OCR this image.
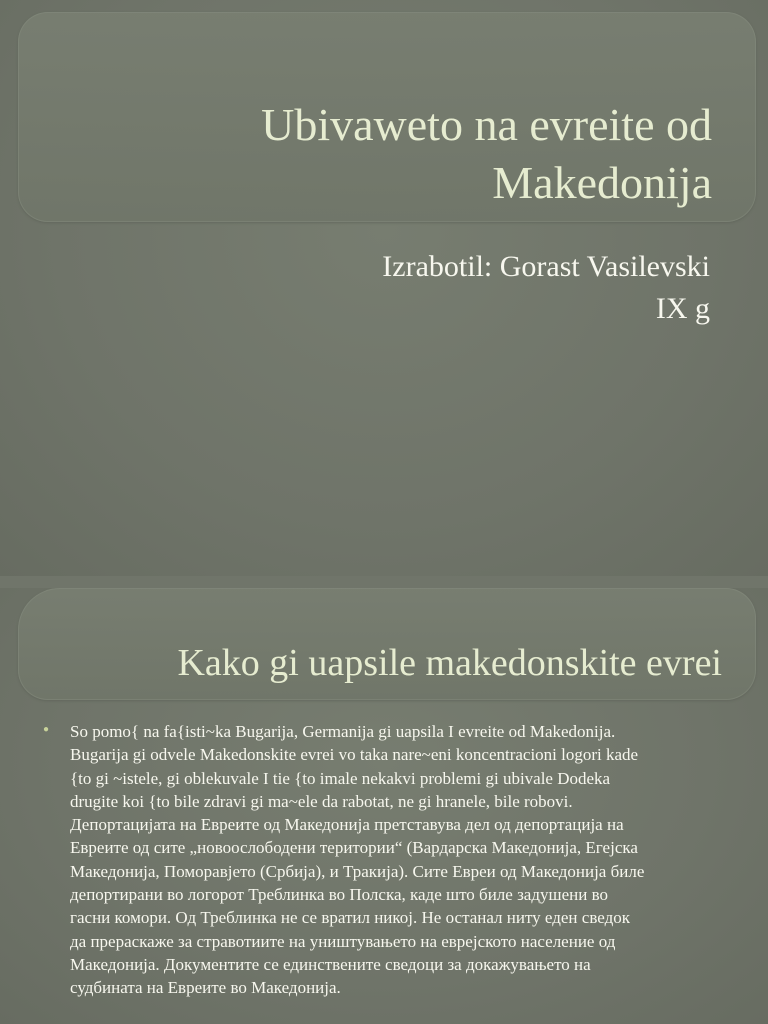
Ubivaweto na evreite od
Makedonija
Izrabotil: Gorast Vasilevski
IX g
Kako gi uapsile makedonskite evrei
●	So pomo{ na fa{isti~ka Bugarija, Germanija gi uapsila I evreite od Makedonija.
Bugarija gi odvele Makedonskite evrei vo taka nare~eni koncentracioni logori kade
{to gi ~istele, gi oblekuvale I tie {to imale nekakvi problemi gi ubivale Dodeka
drugite koi {to bile zdravi gi ma~ele da rabotat, ne gi hranele, bile robovi.
Депортацијата на Евреите од Македонија претставува дел од депортација на
Евреите од сите „новоослободени територии“ (Вардарска Македонија, Егејска
Македонија, Поморавјето (Србија), и Тракија). Сите Евреи од Македонија биле
депортирани во логорот Треблинка во Полска, каде што биле задушени во
гасни комори. Од Треблинка не се вратил никој. Не останал ниту еден сведок
да прераскаже за стравотиите на уништувањето на еврејското население од
Македонија. Документите се единствените сведоци за докажувањето на
судбината на Евреите во Македонија.
